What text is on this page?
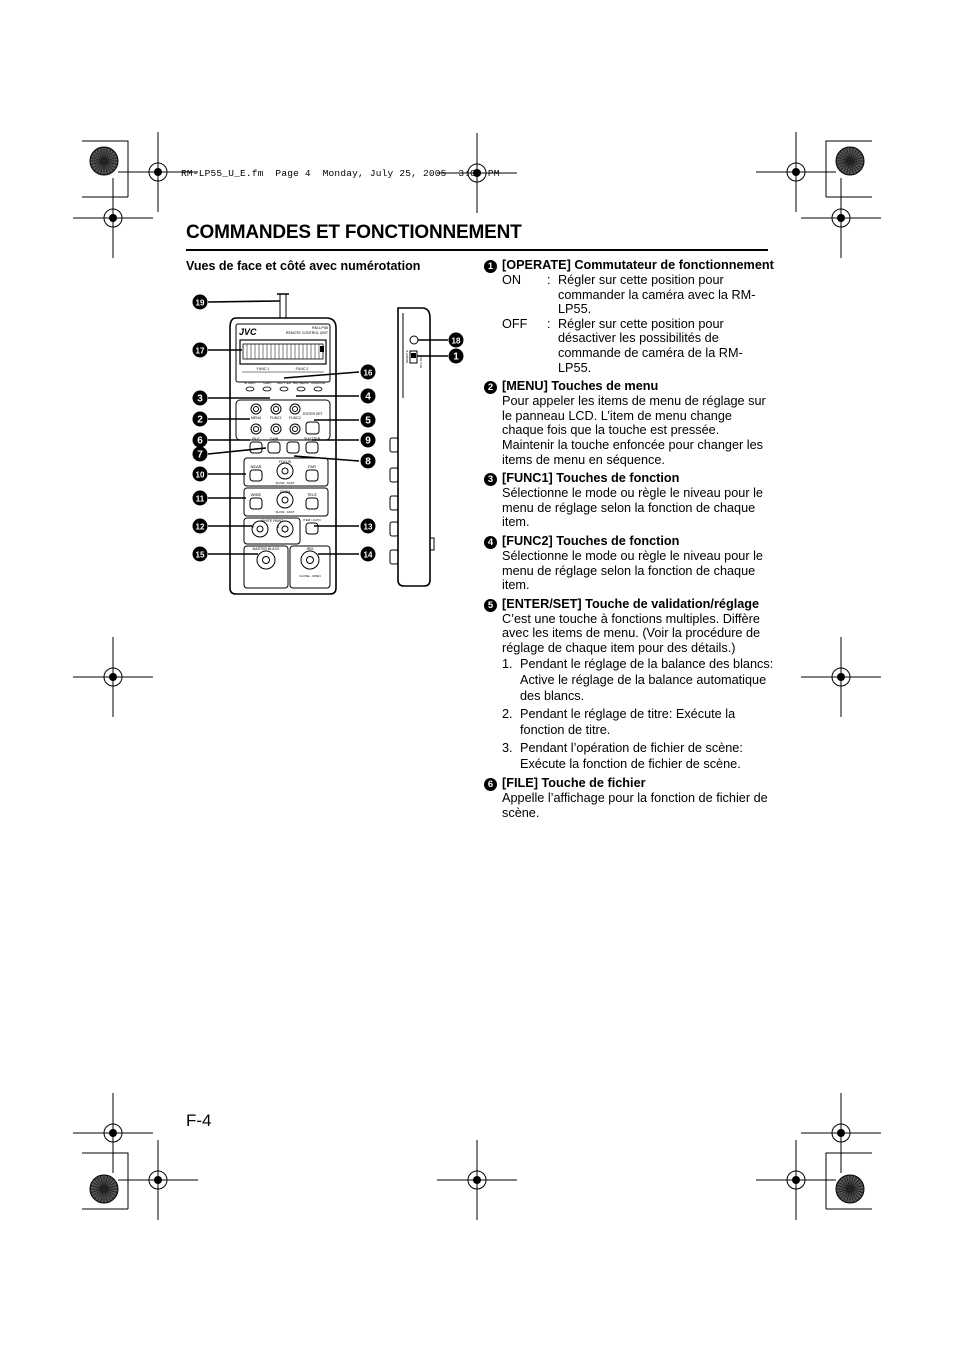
RM-LP55_U_E.fm  Page 4  Monday, July 25, 2005  3:09 PM
COMMANDES ET FONCTIONNEMENT
Vues de face et côté avec numérotation
JVC	RM-LP55
REMOTE CONTROL UNIT
FUNC 1	FUNC 2
IN SHUT GAIN SHUTTER BRI./MENU OPERATE
MENU	FUNC1 FUNC2
ENTER SET
FILE	GAIN	SHUTTER
FOCUS
NEAR	FAR
SLOW - FAST
ZOOM
WIDE	TELE
SLOW - FAST
WHITE PAINT
R	B
ITEM / AUTO
MASTER BLACK	IRIS
CLOSE - OPEN
REMOTE	ON / OFF
19
17
16
3	4
2	5
6	9
7
8
10
11
12	13
15	14
18
1
1 [OPERATE] Commutateur de fonctionnement
ON	: Régler sur cette position pour commander la caméra avec la RM-LP55.
OFF	: Régler sur cette position pour désactiver les possibilités de commande de caméra de la RM-LP55.
2 [MENU] Touches de menu
Pour appeler les items de menu de réglage sur le panneau LCD. L’item de menu change chaque fois que la touche est pressée. Maintenir la touche enfoncée pour changer les items de menu en séquence.
3 [FUNC1] Touches de fonction
Sélectionne le mode ou règle le niveau pour le menu de réglage selon la fonction de chaque item.
4 [FUNC2] Touches de fonction
Sélectionne le mode ou règle le niveau pour le menu de réglage selon la fonction de chaque item.
5 [ENTER/SET] Touche de validation/réglage
C’est une touche à fonctions multiples. Diffère avec les items de menu. (Voir la procédure de réglage de chaque item pour des détails.)
1. Pendant le réglage de la balance des blancs: Active le réglage de la balance automatique des blancs.
2. Pendant le réglage de titre: Exécute la fonction de titre.
3. Pendant l’opération de fichier de scène: Exécute la fonction de fichier de scène.
6 [FILE] Touche de fichier
Appelle l’affichage pour la fonction de fichier de scène.
F-4
